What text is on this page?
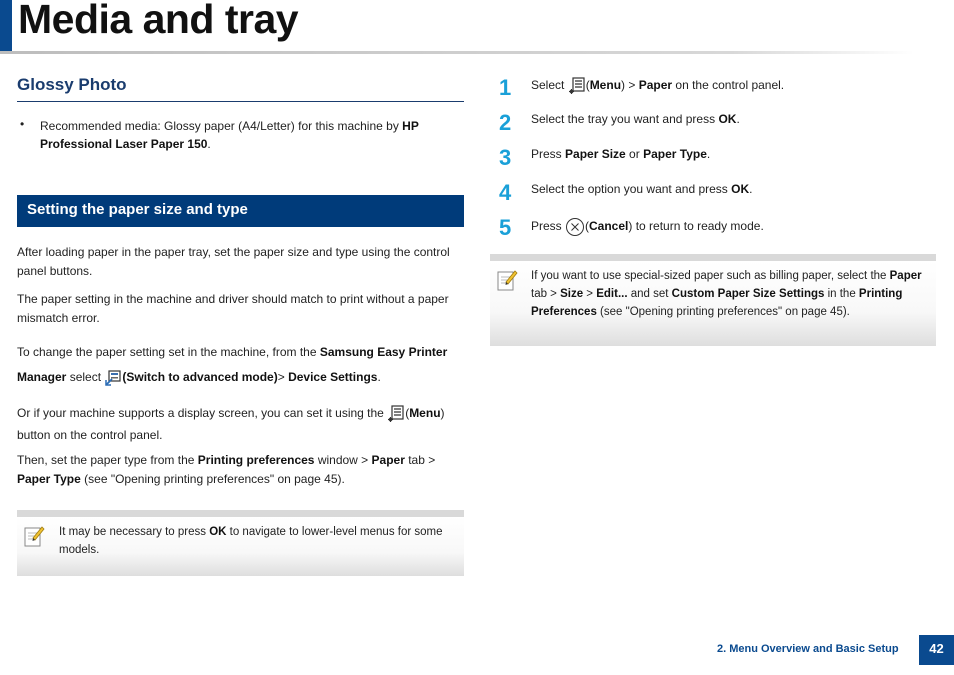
Media and tray
Glossy Photo
• Recommended media: Glossy paper (A4/Letter) for this machine by HP Professional Laser Paper 150.
Setting the paper size and type
After loading paper in the paper tray, set the paper size and type using the control panel buttons.
The paper setting in the machine and driver should match to print without a paper mismatch error.
To change the paper setting set in the machine, from the Samsung Easy Printer Manager select (Switch to advanced mode)> Device Settings.
Or if your machine supports a display screen, you can set it using the (Menu) button on the control panel.
Then, set the paper type from the Printing preferences window > Paper tab > Paper Type (see "Opening printing preferences" on page 45).
It may be necessary to press OK to navigate to lower-level menus for some models.
1	Select (Menu) > Paper on the control panel.
2	Select the tray you want and press OK.
3	Press Paper Size or Paper Type.
4	Select the option you want and press OK.
5	Press (Cancel) to return to ready mode.
If you want to use special-sized paper such as billing paper, select the Paper tab > Size > Edit... and set Custom Paper Size Settings in the Printing Preferences (see "Opening printing preferences" on page 45).
2. Menu Overview and Basic Setup	42
